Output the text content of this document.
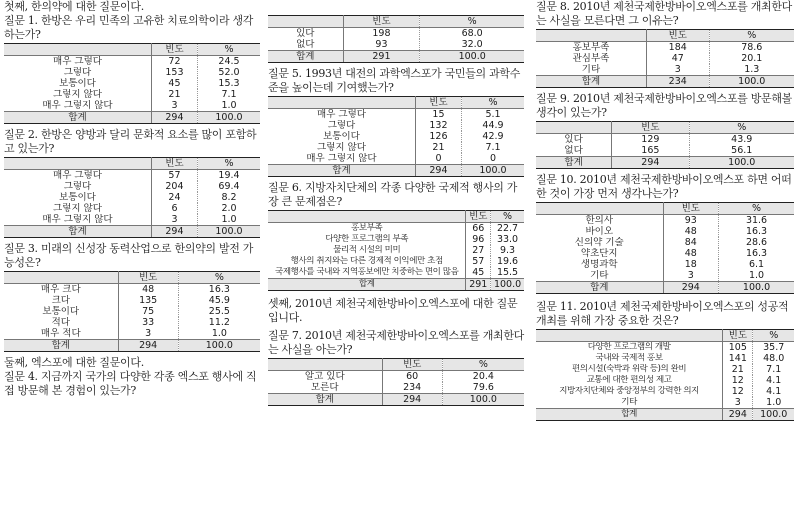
첫째, 한의약에 대한 질문이다.

질문 1. 한방은 우리 민족의 고유한 치료의학이라 생각하는가?

	빈도	%
매우 그렇다	72	24.5
그렇다	153	52.0
보통이다	45	15.3
그렇지 않다	21	7.1
매우 그렇지 않다	3	1.0
합계	294	100.0

질문 2. 한방은 양방과 달리 문화적 요소를 많이 포함하고 있는가?

	빈도	%
매우 그렇다	57	19.4
그렇다	204	69.4
보통이다	24	8.2
그렇지 않다	6	2.0
매우 그렇지 않다	3	1.0
합계	294	100.0

질문 3. 미래의 신성장 동력산업으로 한의약의 발전 가능성은?

	빈도	%
매우 크다	48	16.3
크다	135	45.9
보통이다	75	25.5
적다	33	11.2
매우 적다	3	1.0
합계	294	100.0

둘째, 엑스포에 대한 질문이다.

질문 4. 지금까지 국가의 다양한 각종 엑스포 행사에 직접 방문해 본 경험이 있는가?

	빈도	%
있다	198	68.0
없다	93	32.0
합계	291	100.0

질문 5. 1993년 대전의 과학엑스포가 국민들의 과학수준을 높이는데 기여했는가?

	빈도	%
매우 그렇다	15	5.1
그렇다	132	44.9
보통이다	126	42.9
그렇지 않다	21	7.1
매우 그렇지 않다	0	0
합계	294	100.0

질문 6. 지방자치단체의 각종 다양한 국제적 행사의 가장 큰 문제점은?

	빈도	%
홍보부족	66	22.7
다양한 프로그램의 부족	96	33.0
물리적 시설의 미미	27	9.3
행사의 취지와는 다른 경제적 이익에만 초점	57	19.6
국제행사를 국내와 지역홍보에만 치중하는 면이 많음	45	15.5
합계	291	100.0

셋째, 2010년 제천국제한방바이오엑스포에 대한 질문입니다.

질문 7. 2010년 제천국제한방바이오엑스포를 개최한다는 사실을 아는가?

	빈도	%
알고 있다	60	20.4
모른다	234	79.6
합계	294	100.0

질문 8. 2010년 제천국제한방바이오엑스포를 개최한다는 사실을 모른다면 그 이유는?

	빈도	%
홍보부족	184	78.6
관심부족	47	20.1
기타	3	1.3
합계	234	100.0

질문 9. 2010년 제천국제한방바이오엑스포를 방문해볼 생각이 있는가?

	빈도	%
있다	129	43.9
없다	165	56.1
합계	294	100.0

질문 10. 2010년 제천국제한방바이오엑스포 하면 어떠한 것이 가장 먼저 생각나는가?

	빈도	%
한의사	93	31.6
바이오	48	16.3
신의약 기술	84	28.6
약초단지	48	16.3
생명과학	18	6.1
기타	3	1.0
합계	294	100.0

질문 11. 2010년 제천국제한방바이오엑스포의 성공적 개최를 위해 가장 중요한 것은?

	빈도	%
다양한 프로그램의 개발	105	35.7
국내와 국제적 홍보	141	48.0
편의시설(숙박과 위락 등)의 완비	21	7.1
교통에 대한 편의성 제고	12	4.1
지방자치단체와 중앙정부의 강력한 의지	12	4.1
기타	3	1.0
합계	294	100.0
